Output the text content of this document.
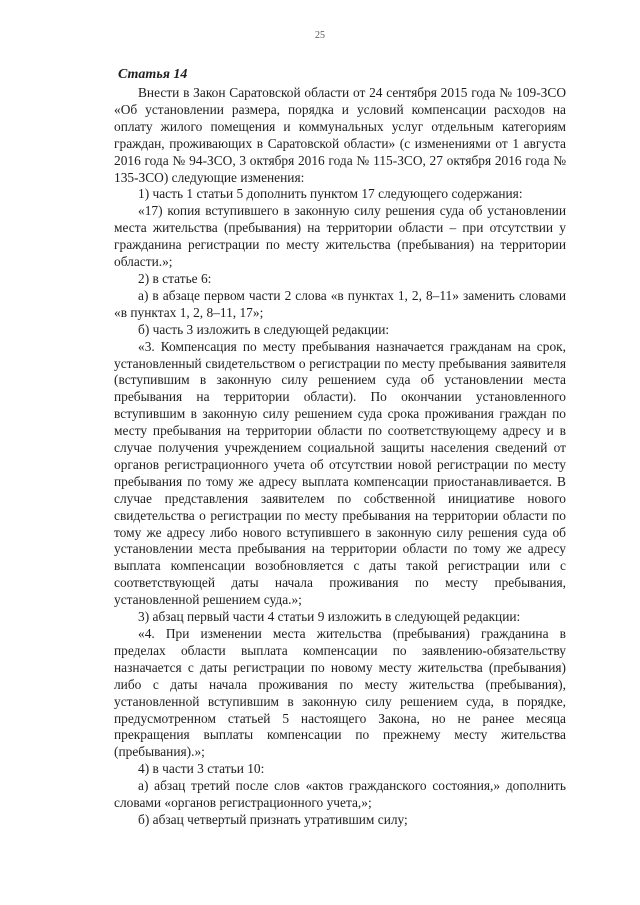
25
Статья 14

Внести в Закон Саратовской области от 24 сентября 2015 года № 109-ЗСО «Об установлении размера, порядка и условий компенсации расходов на оплату жилого помещения и коммунальных услуг отдельным категориям граждан, проживающих в Саратовской области» (с изменениями от 1 августа 2016 года № 94-ЗСО, 3 октября 2016 года № 115-ЗСО, 27 октября 2016 года № 135-ЗСО) следующие изменения:

1) часть 1 статьи 5 дополнить пунктом 17 следующего содержания:

«17) копия вступившего в законную силу решения суда об установлении места жительства (пребывания) на территории области – при отсутствии у гражданина регистрации по месту жительства (пребывания) на территории области.»;

2) в статье 6:

а) в абзаце первом части 2 слова «в пунктах 1, 2, 8–11» заменить словами «в пунктах 1, 2, 8–11, 17»;

б) часть 3 изложить в следующей редакции:

«3. Компенсация по месту пребывания назначается гражданам на срок, установленный свидетельством о регистрации по месту пребывания заявителя (вступившим в законную силу решением суда об установлении места пребывания на территории области). По окончании установленного вступившим в законную силу решением суда срока проживания граждан по месту пребывания на территории области по соответствующему адресу и в случае получения учреждением социальной защиты населения сведений от органов регистрационного учета об отсутствии новой регистрации по месту пребывания по тому же адресу выплата компенсации приостанавливается. В случае представления заявителем по собственной инициативе нового свидетельства о регистрации по месту пребывания на территории области по тому же адресу либо нового вступившего в законную силу решения суда об установлении места пребывания на территории области по тому же адресу выплата компенсации возобновляется с даты такой регистрации или с соответствующей даты начала проживания по месту пребывания, установленной решением суда.»;

3) абзац первый части 4 статьи 9 изложить в следующей редакции:

«4. При изменении места жительства (пребывания) гражданина в пределах области выплата компенсации по заявлению-обязательству назначается с даты регистрации по новому месту жительства (пребывания) либо с даты начала проживания по месту жительства (пребывания), установленной вступившим в законную силу решением суда, в порядке, предусмотренном статьей 5 настоящего Закона, но не ранее месяца прекращения выплаты компенсации по прежнему месту жительства (пребывания).»;

4) в части 3 статьи 10:

а) абзац третий после слов «актов гражданского состояния,» дополнить словами «органов регистрационного учета,»;

б) абзац четвертый признать утратившим силу;
